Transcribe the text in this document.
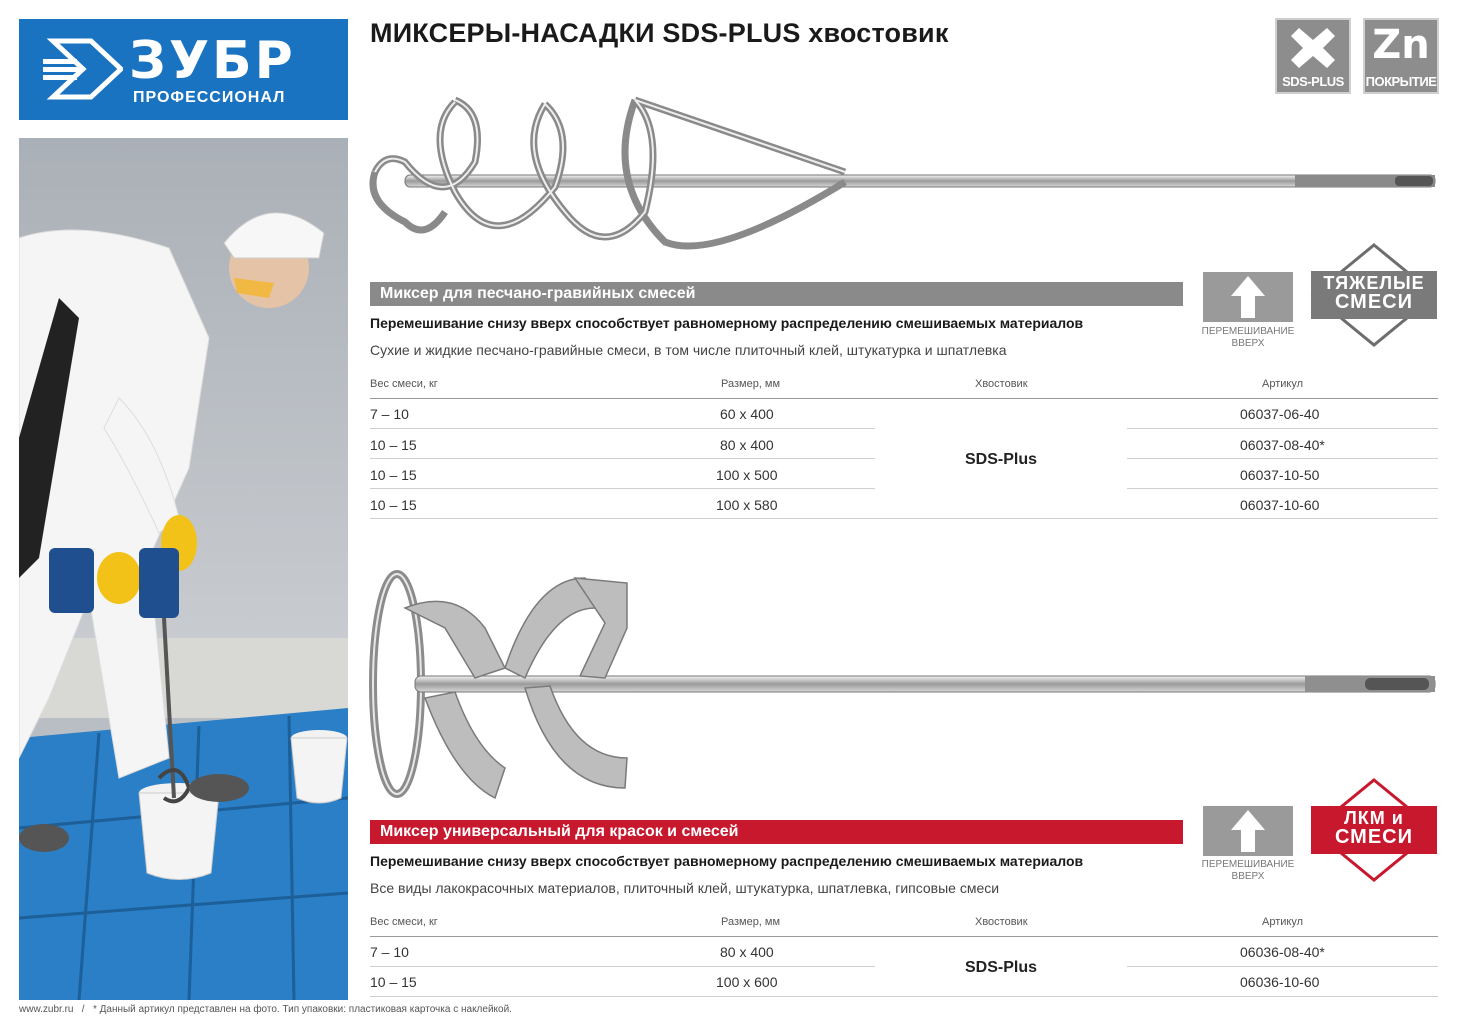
ЗУБР
ПРОФЕССИОНАЛ
МИКСЕРЫ-НАСАДКИ SDS-PLUS хвостовик
SDS-PLUS
Zn
ПОКРЫТИЕ
Миксер для песчано-гравийных смесей
Перемешивание снизу вверх способствует равномерному распределению смешиваемых материалов
Сухие и жидкие песчано-гравийные смеси, в том числе плиточный клей, штукатурка и шпатлевка
ПЕРЕМЕШИВАНИЕ
ВВЕРХ
ТЯЖЕЛЫЕ
СМЕСИ
Вес смеси, кг	Размер, мм	Хвостовик	Артикул
7 – 10	60 x 400	06037-06-40
10 – 15	80 x 400	06037-08-40*
10 – 15	100 x 500	06037-10-50
10 – 15	100 x 580	06037-10-60
SDS-Plus
Миксер универсальный для красок и смесей
Перемешивание снизу вверх способствует равномерному распределению смешиваемых материалов
Все виды лакокрасочных материалов, плиточный клей, штукатурка, шпатлевка, гипсовые смеси
ПЕРЕМЕШИВАНИЕ
ВВЕРХ
ЛКМ и
СМЕСИ
Вес смеси, кг	Размер, мм	Хвостовик	Артикул
7 – 10	80 x 400	06036-08-40*
10 – 15	100 x 600	06036-10-60
SDS-Plus
www.zubr.ru   /   * Данный артикул представлен на фото. Тип упаковки: пластиковая карточка с наклейкой.
